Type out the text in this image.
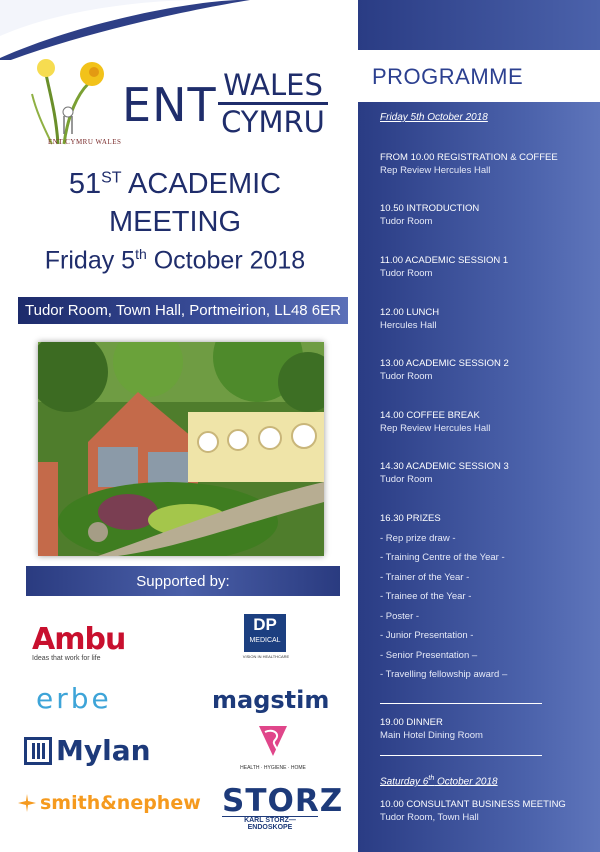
ENT CYMRU WALES
ENT WALES
CYMRU
51ST ACADEMIC
MEETING
Friday 5th October 2018
Tudor Room, Town Hall, Portmeirion, LL48 6ER
Supported by:
Ambu
Ideas that work for life
DP
MEDICAL
VISION IN HEALTHCARE
erbe	magstim
Mylan
HEALTH · HYGIENE · HOME
smith&nephew STORZ
KARL STORZ—ENDOSKOPE
PROGRAMME
Friday 5th October 2018
FROM 10.00 REGISTRATION & COFFEE
Rep Review Hercules Hall
10.50 INTRODUCTION
Tudor Room
11.00 ACADEMIC SESSION 1
Tudor Room
12.00 LUNCH
Hercules Hall
13.00 ACADEMIC SESSION 2
Tudor Room
14.00 COFFEE BREAK
Rep Review Hercules Hall
14.30 ACADEMIC SESSION 3
Tudor Room
16.30 PRIZES
- Rep prize draw -
- Training Centre of the Year -
- Trainer of the Year -
- Trainee of the Year -
- Poster -
- Junior Presentation -
- Senior Presentation –
- Travelling fellowship award –
19.00 DINNER
Main Hotel Dining Room
Saturday 6th October 2018
10.00 CONSULTANT BUSINESS MEETING
Tudor Room, Town Hall
